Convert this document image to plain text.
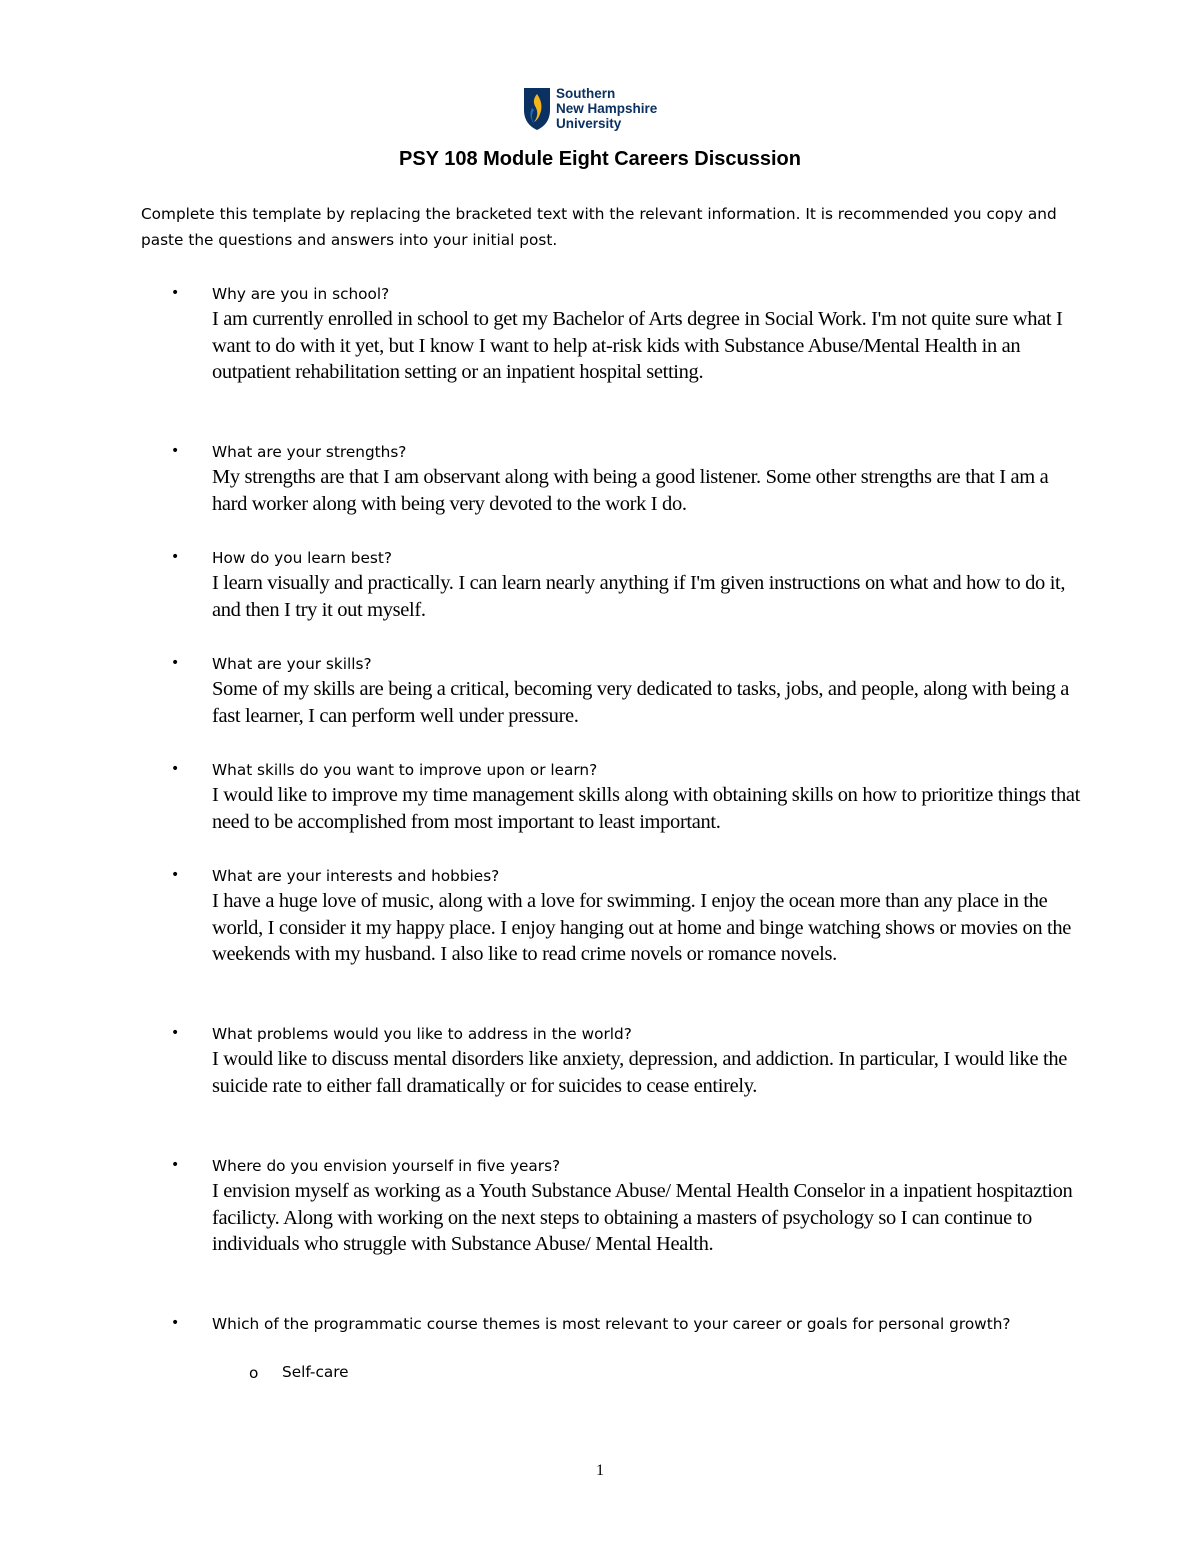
Southern
New Hampshire
University
PSY 108 Module Eight Careers Discussion
Complete this template by replacing the bracketed text with the relevant information. It is recommended you copy and paste the questions and answers into your initial post.
• Why are you in school?
I am currently enrolled in school to get my Bachelor of Arts degree in Social Work. I'm not quite sure what I want to do with it yet, but I know I want to help at-risk kids with Substance Abuse/Mental Health in an outpatient rehabilitation setting or an inpatient hospital setting.
• What are your strengths?
My strengths are that I am observant along with being a good listener. Some other strengths are that I am a hard worker along with being very devoted to the work I do.
• How do you learn best?
I learn visually and practically. I can learn nearly anything if I'm given instructions on what and how to do it, and then I try it out myself.
• What are your skills?
Some of my skills are being a critical, becoming very dedicated to tasks, jobs, and people, along with being a fast learner, I can perform well under pressure.
• What skills do you want to improve upon or learn?
I would like to improve my time management skills along with obtaining skills on how to prioritize things that need to be accomplished from most important to least important.
• What are your interests and hobbies?
I have a huge love of music, along with a love for swimming. I enjoy the ocean more than any place in the world, I consider it my happy place. I enjoy hanging out at home and binge watching shows or movies on the weekends with my husband. I also like to read crime novels or romance novels.
• What problems would you like to address in the world?
I would like to discuss mental disorders like anxiety, depression, and addiction. In particular, I would like the suicide rate to either fall dramatically or for suicides to cease entirely.
• Where do you envision yourself in five years?
I envision myself as working as a Youth Substance Abuse/ Mental Health Conselor in a inpatient hospitaztion facilicty. Along with working on the next steps to obtaining a masters of psychology so I can continue to individuals who struggle with Substance Abuse/ Mental Health.
• Which of the programmatic course themes is most relevant to your career or goals for personal growth?
o Self-care
1
